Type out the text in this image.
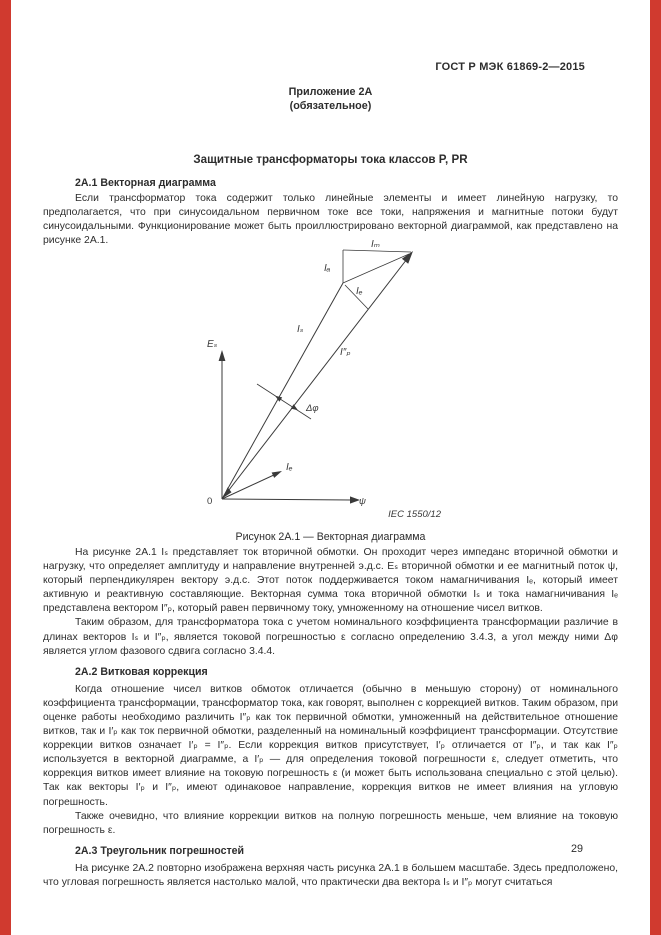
ГОСТ Р МЭК 61869-2—2015
Приложение 2А
(обязательное)
Защитные трансформаторы тока классов P, PR
2А.1 Векторная диаграмма
Если трансформатор тока содержит только линейные элементы и имеет линейную нагрузку, то предполагается, что при синусоидальном первичном токе все токи, напряжения и магнитные потоки будут синусоидальными. Функционирование может быть проиллюстрировано векторной диаграммой, как представлено на рисунке 2А.1.
Eₛ
ψ
0
Iₛ
I″ₚ
Iₑ
Iₑ
Iₐ
Iₘ
Δφ
IEC 1550/12
Рисунок 2А.1 — Векторная диаграмма
На рисунке 2А.1 Iₛ представляет ток вторичной обмотки. Он проходит через импеданс вторичной обмотки и нагрузку, что определяет амплитуду и направление внутренней э.д.с. Eₛ вторичной обмотки и ее магнитный поток ψ, который перпендикулярен вектору э.д.с. Этот поток поддерживается током намагничивания Iₑ, который имеет активную и реактивную составляющие. Векторная сумма тока вторичной обмотки Iₛ и тока намагничивания Iₑ представлена вектором I″ₚ, который равен первичному току, умноженному на отношение чисел витков.
Таким образом, для трансформатора тока с учетом номинального коэффициента трансформации различие в длинах векторов Iₛ и I″ₚ, является токовой погрешностью ε согласно определению 3.4.3, а угол между ними Δφ является углом фазового сдвига согласно 3.4.4.
2А.2 Витковая коррекция
Когда отношение чисел витков обмоток отличается (обычно в меньшую сторону) от номинального коэффициента трансформации, трансформатор тока, как говорят, выполнен с коррекцией витков. Таким образом, при оценке работы необходимо различить I″ₚ как ток первичной обмотки, умноженный на действительное отношение витков, так и I′ₚ как ток первичной обмотки, разделенный на номинальный коэффициент трансформации. Отсутствие коррекции витков означает I′ₚ = I″ₚ. Если коррекция витков присутствует, I′ₚ отличается от I″ₚ, и так как I″ₚ используется в векторной диаграмме, а I′ₚ — для определения токовой погрешности ε, следует отметить, что коррекция витков имеет влияние на токовую погрешность ε (и может быть использована специально с этой целью). Так как векторы I′ₚ и I″ₚ, имеют одинаковое направление, коррекция витков не имеет влияния на угловую погрешность.
Также очевидно, что влияние коррекции витков на полную погрешность меньше, чем влияние на токовую погрешность ε.
2А.3 Треугольник погрешностей
На рисунке 2А.2 повторно изображена верхняя часть рисунка 2А.1 в большем масштабе. Здесь предположено, что угловая погрешность является настолько малой, что практически два вектора Iₛ и I″ₚ могут считаться
29
